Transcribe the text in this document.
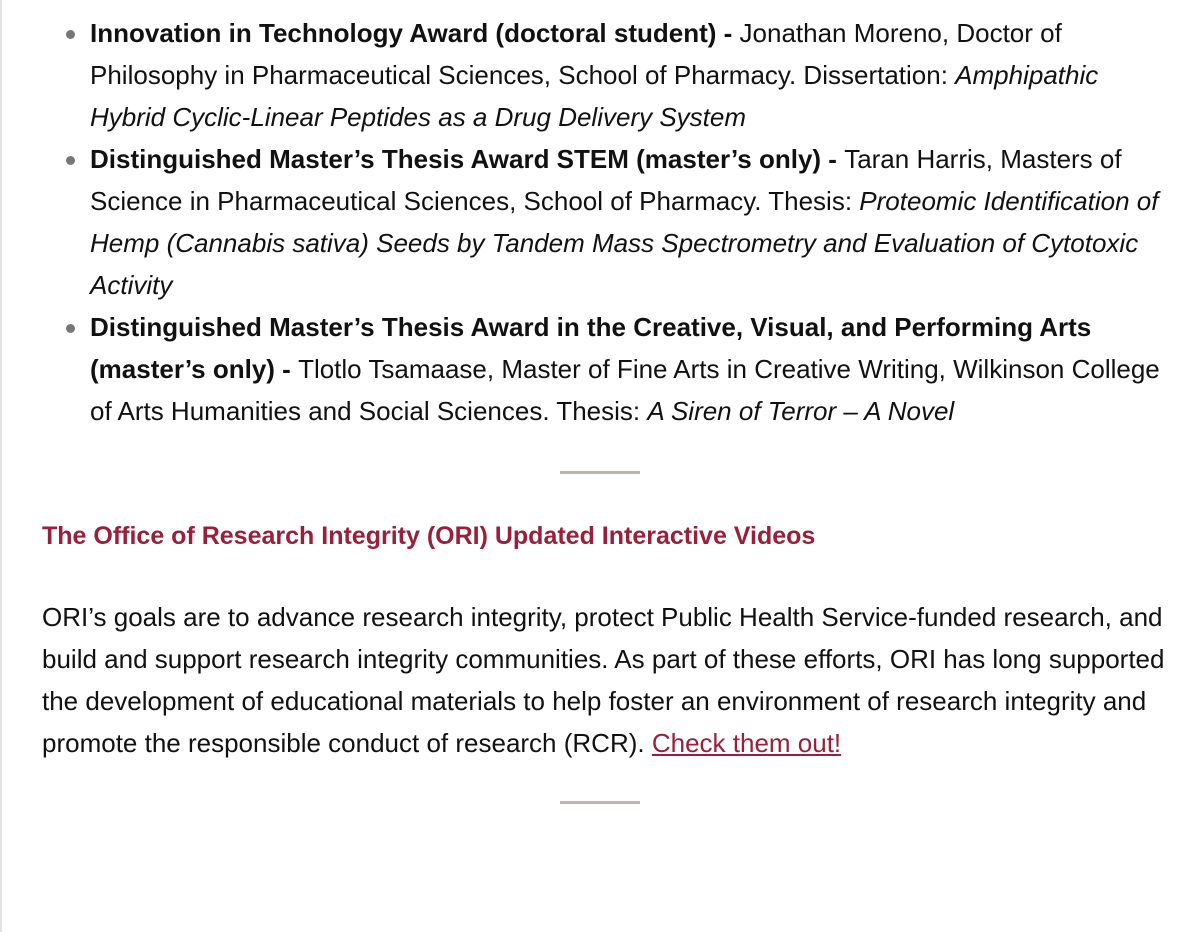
Innovation in Technology Award (doctoral student) - Jonathan Moreno, Doctor of Philosophy in Pharmaceutical Sciences, School of Pharmacy. Dissertation: Amphipathic Hybrid Cyclic-Linear Peptides as a Drug Delivery System
Distinguished Master’s Thesis Award STEM (master’s only) - Taran Harris, Masters of Science in Pharmaceutical Sciences, School of Pharmacy. Thesis: Proteomic Identification of Hemp (Cannabis sativa) Seeds by Tandem Mass Spectrometry and Evaluation of Cytotoxic Activity
Distinguished Master’s Thesis Award in the Creative, Visual, and Performing Arts (master’s only) - Tlotlo Tsamaase, Master of Fine Arts in Creative Writing, Wilkinson College of Arts Humanities and Social Sciences. Thesis: A Siren of Terror – A Novel
The Office of Research Integrity (ORI) Updated Interactive Videos

ORI’s goals are to advance research integrity, protect Public Health Service-funded research, and build and support research integrity communities. As part of these efforts, ORI has long supported the development of educational materials to help foster an environment of research integrity and promote the responsible conduct of research (RCR). Check them out!
